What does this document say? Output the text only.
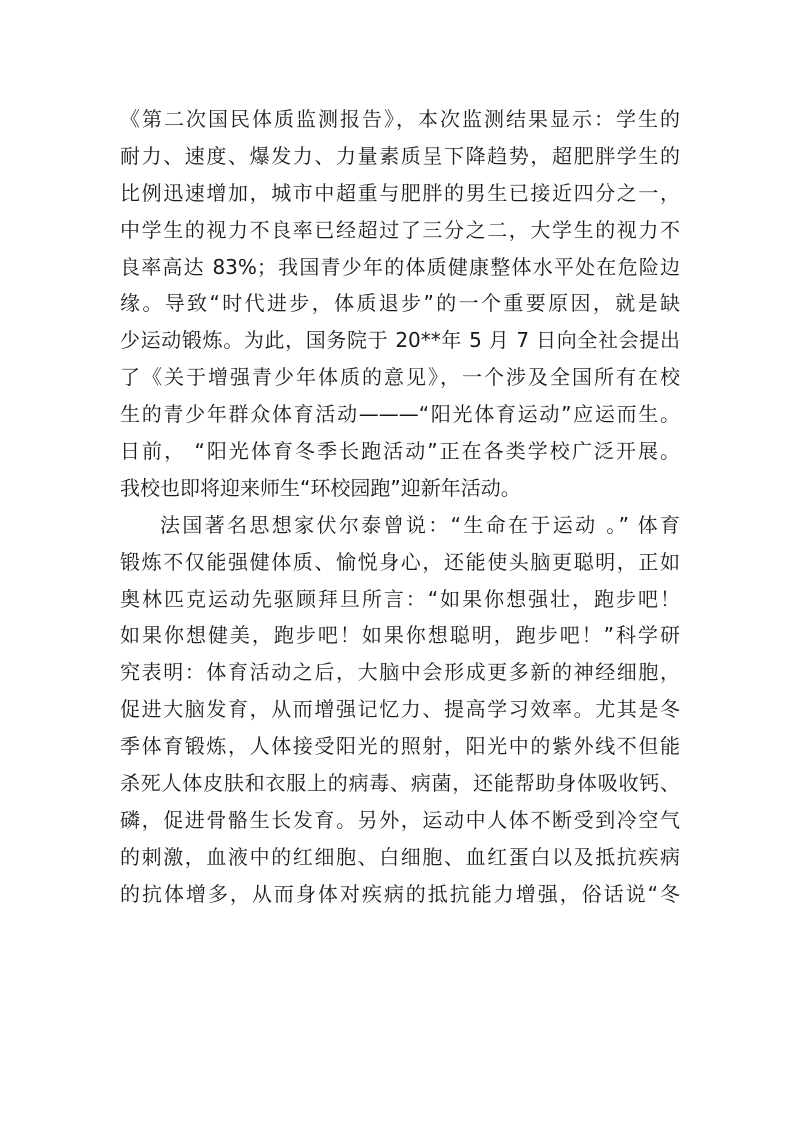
《第二次国民体质监测报告》，本次监测结果显示：学生的
耐力、速度、爆发力、力量素质呈下降趋势，超肥胖学生的
比例迅速增加，城市中超重与肥胖的男生已接近四分之一，
中学生的视力不良率已经超过了三分之二，大学生的视力不
良率高达 83%；我国青少年的体质健康整体水平处在危险边
缘。导致“时代进步，体质退步”的一个重要原因，就是缺
少运动锻炼。为此，国务院于 20**年 5 月 7 日向全社会提出
了《关于增强青少年体质的意见》，一个涉及全国所有在校
生的青少年群众体育活动———“阳光体育运动”应运而生。
日前， “阳光体育冬季长跑活动”正在各类学校广泛开展。
我校也即将迎来师生“环校园跑”迎新年活动。
法国著名思想家伏尔泰曾说：“生命在于运动 。” 体育
锻炼不仅能强健体质、愉悦身心，还能使头脑更聪明，正如
奥林匹克运动先驱顾拜旦所言：“如果你想强壮，跑步吧！
如果你想健美，跑步吧！如果你想聪明，跑步吧！”科学研
究表明：体育活动之后，大脑中会形成更多新的神经细胞，
促进大脑发育，从而增强记忆力、提高学习效率。尤其是冬
季体育锻炼，人体接受阳光的照射，阳光中的紫外线不但能
杀死人体皮肤和衣服上的病毒、病菌，还能帮助身体吸收钙、
磷，促进骨骼生长发育。另外，运动中人体不断受到冷空气
的刺激，血液中的红细胞、白细胞、血红蛋白以及抵抗疾病
的抗体增多，从而身体对疾病的抵抗能力增强，俗话说“冬
